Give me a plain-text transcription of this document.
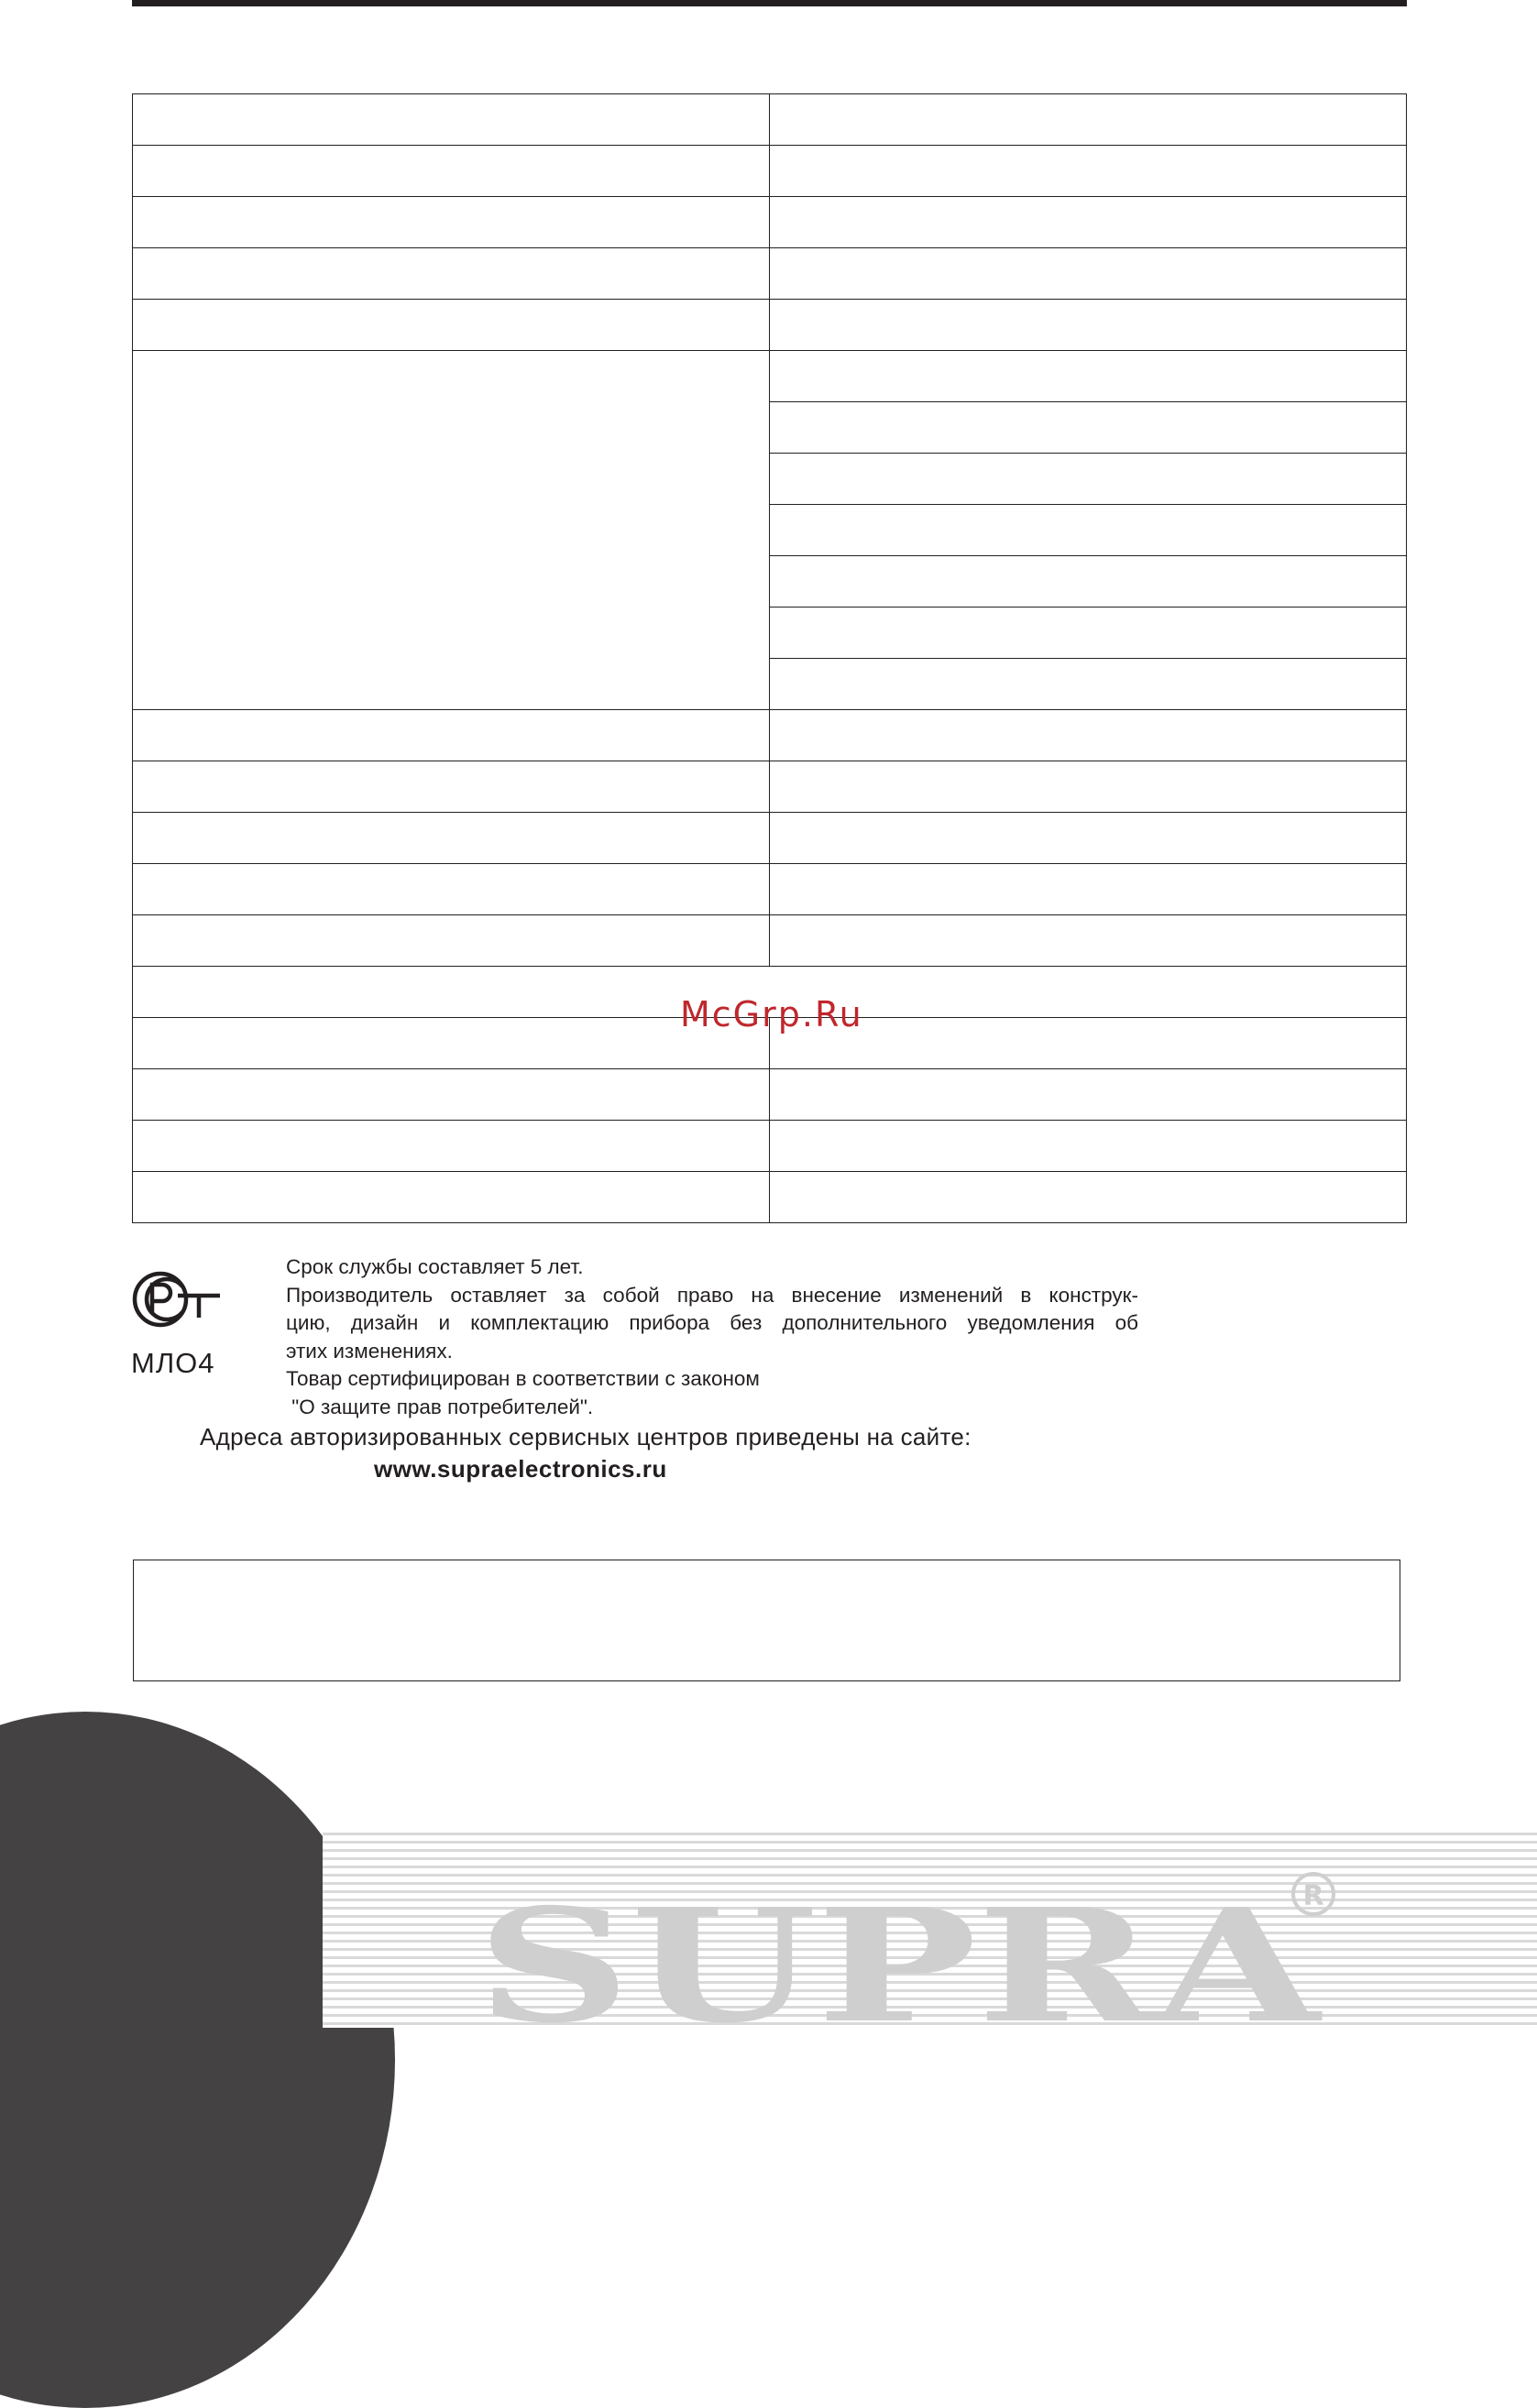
McGrp.Ru
МЛО4
Срок службы составляет 5 лет.
Производитель оставляет за собой право на внесение изменений в конструк-
цию, дизайн и комплектацию прибора без дополнительного уведомления об
этих изменениях.
Товар сертифицирован в соответствии с законом
"О защите прав потребителей".
Адреса авторизированных сервисных центров приведены на сайте:
www.supraelectronics.ru
SUPRA
R
